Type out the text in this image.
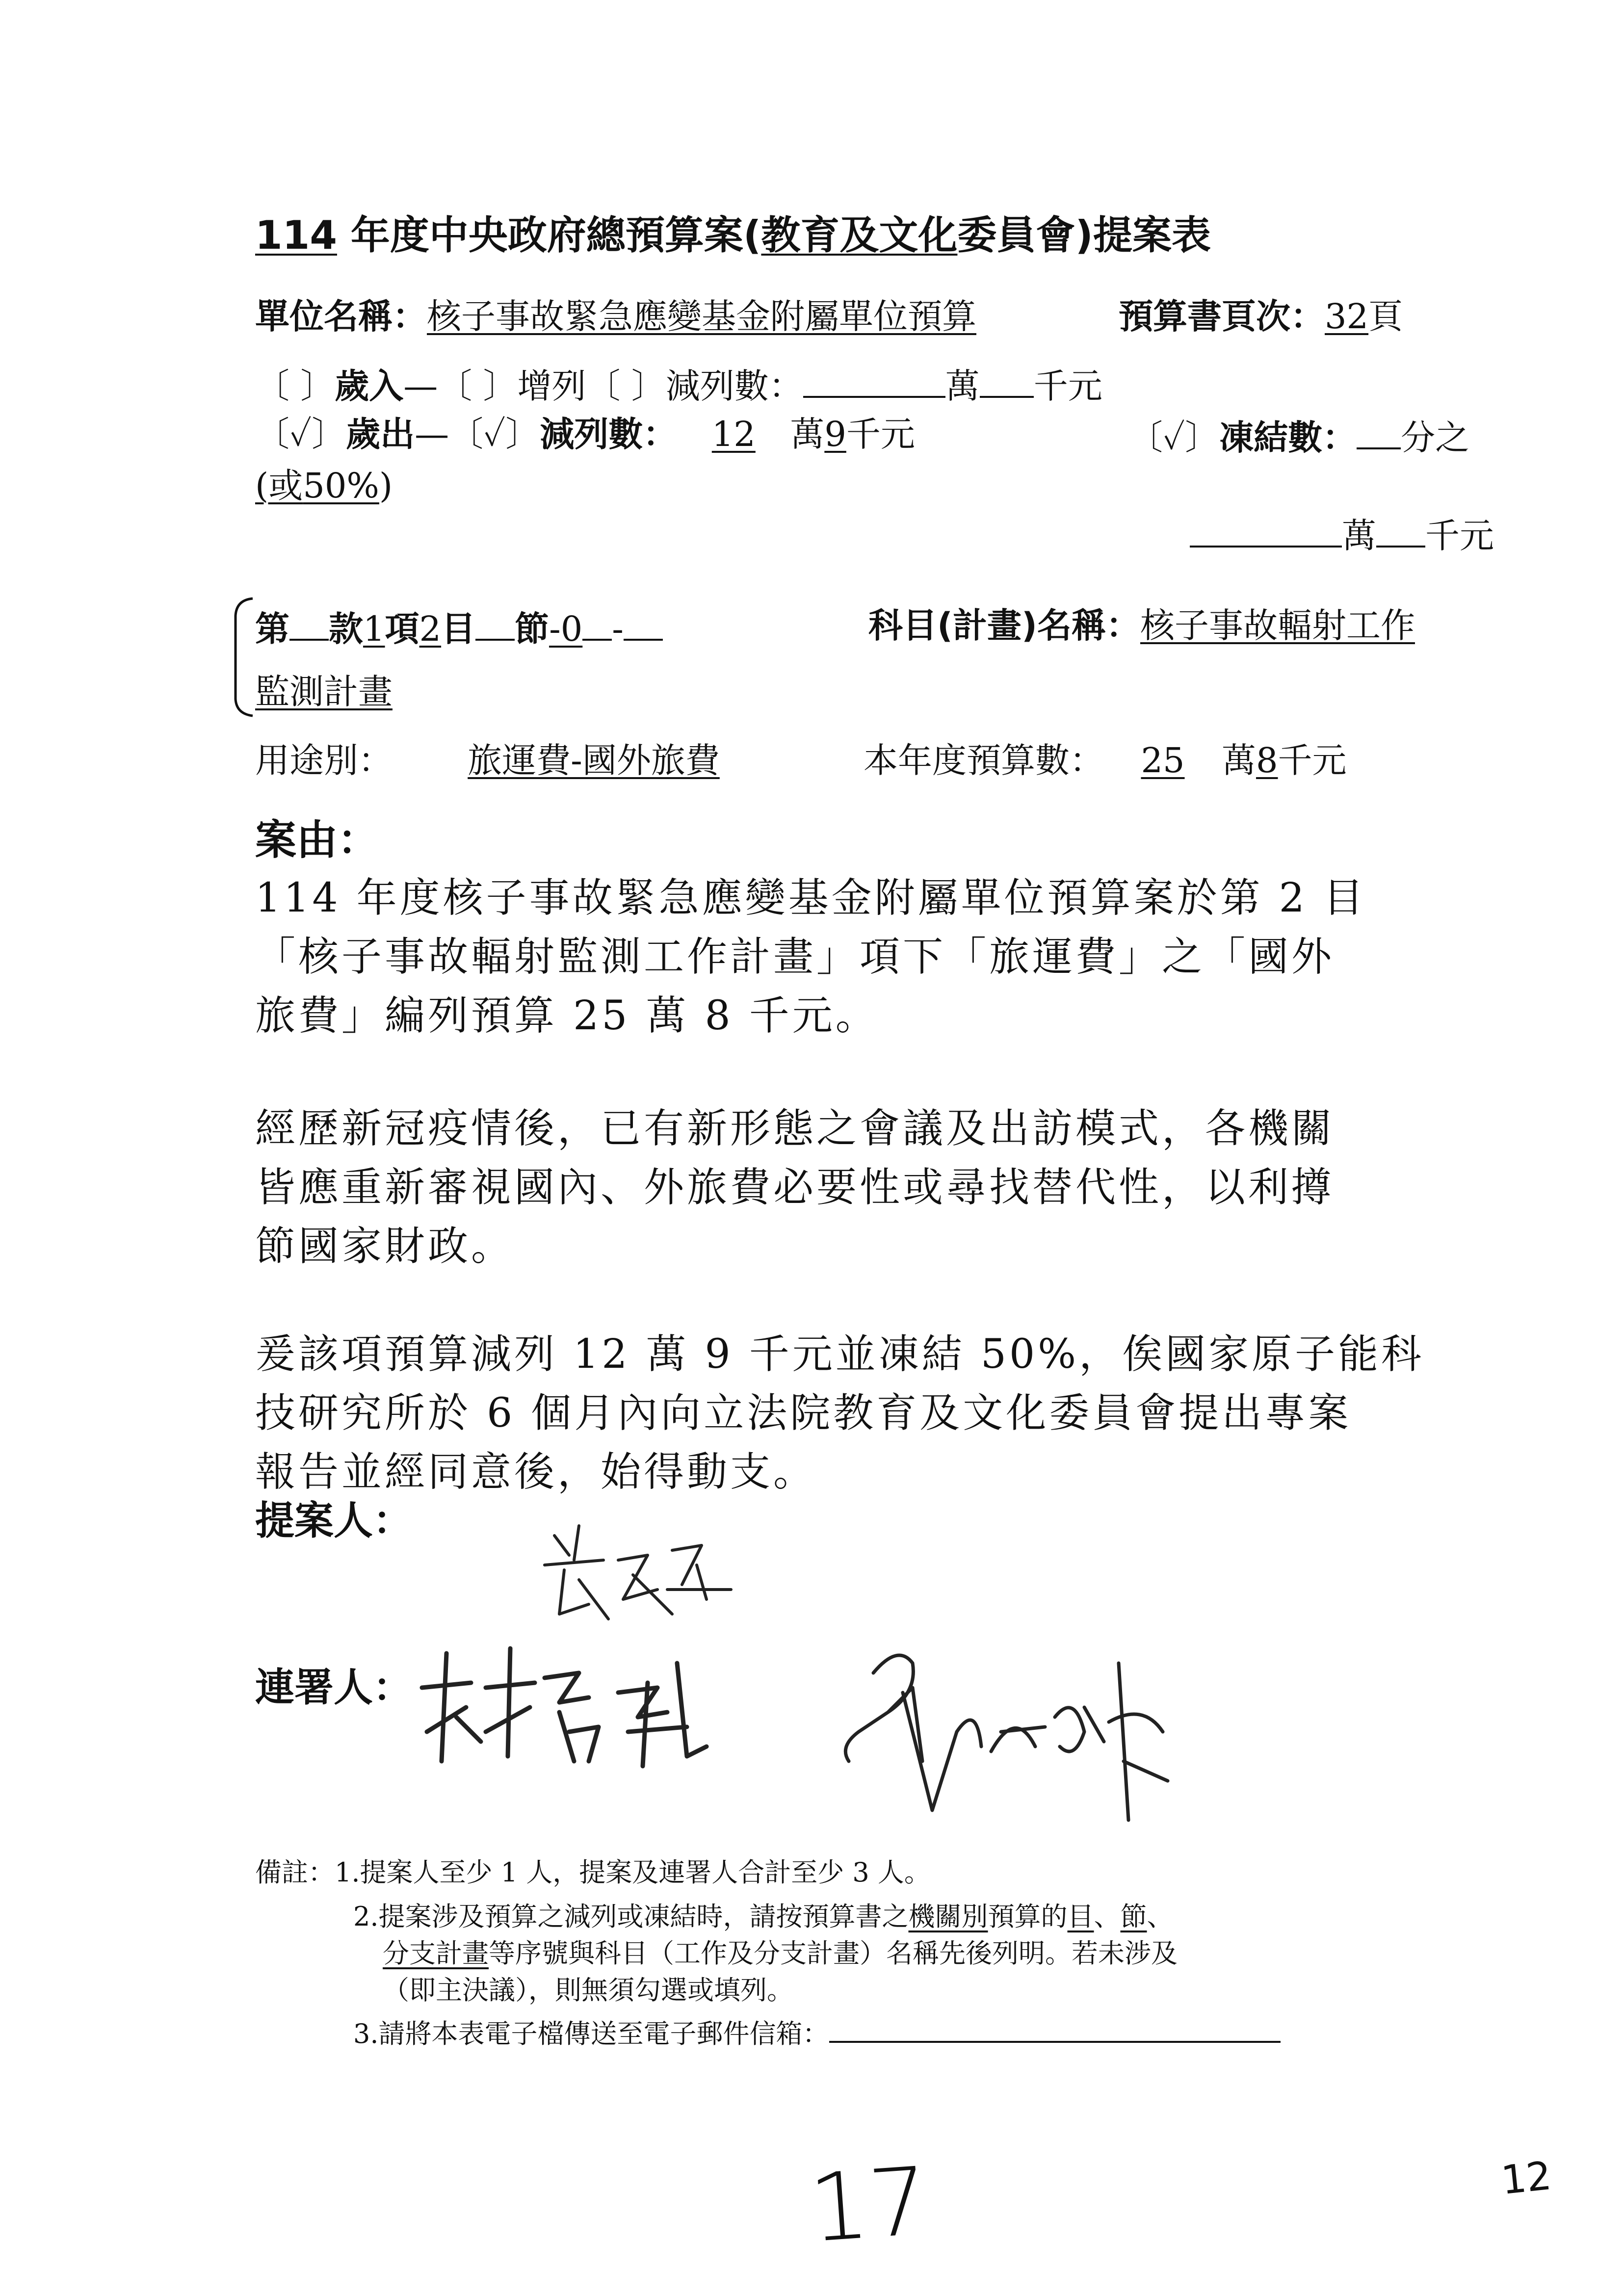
114 年度中央政府總預算案(教育及文化委員會)提案表
單位名稱：核子事故緊急應變基金附屬單位預算	預算書頁次：32頁
〔 〕歲入—〔 〕增列〔 〕減列數：	萬 千元
〔✓〕歲出—〔✓〕減列數： 12 萬9千元	〔✓〕凍結數： 分之
(或50%)
萬 千元
第 款1項2目 節-0 -	科目(計畫)名稱：核子事故輻射工作
監測計畫
用途別： 旅運費-國外旅費	本年度預算數： 25 萬8千元
案由：
114 年度核子事故緊急應變基金附屬單位預算案於第 2 目
「核子事故輻射監測工作計畫」項下「旅運費」之「國外
旅費」編列預算 25 萬 8 千元。
經歷新冠疫情後，已有新形態之會議及出訪模式，各機關
皆應重新審視國內、外旅費必要性或尋找替代性，以利撙
節國家財政。
爰該項預算減列 12 萬 9 千元並凍結 50%，俟國家原子能科
技研究所於 6 個月內向立法院教育及文化委員會提出專案
報告並經同意後，始得動支。
提案人：
連署人：
備註：1.提案人至少 1 人，提案及連署人合計至少 3 人。
2.提案涉及預算之減列或凍結時，請按預算書之機關別預算的目、節、
分支計畫等序號與科目（工作及分支計畫）名稱先後列明。若未涉及
（即主決議），則無須勾選或填列。
3.請將本表電子檔傳送至電子郵件信箱：
17	12
